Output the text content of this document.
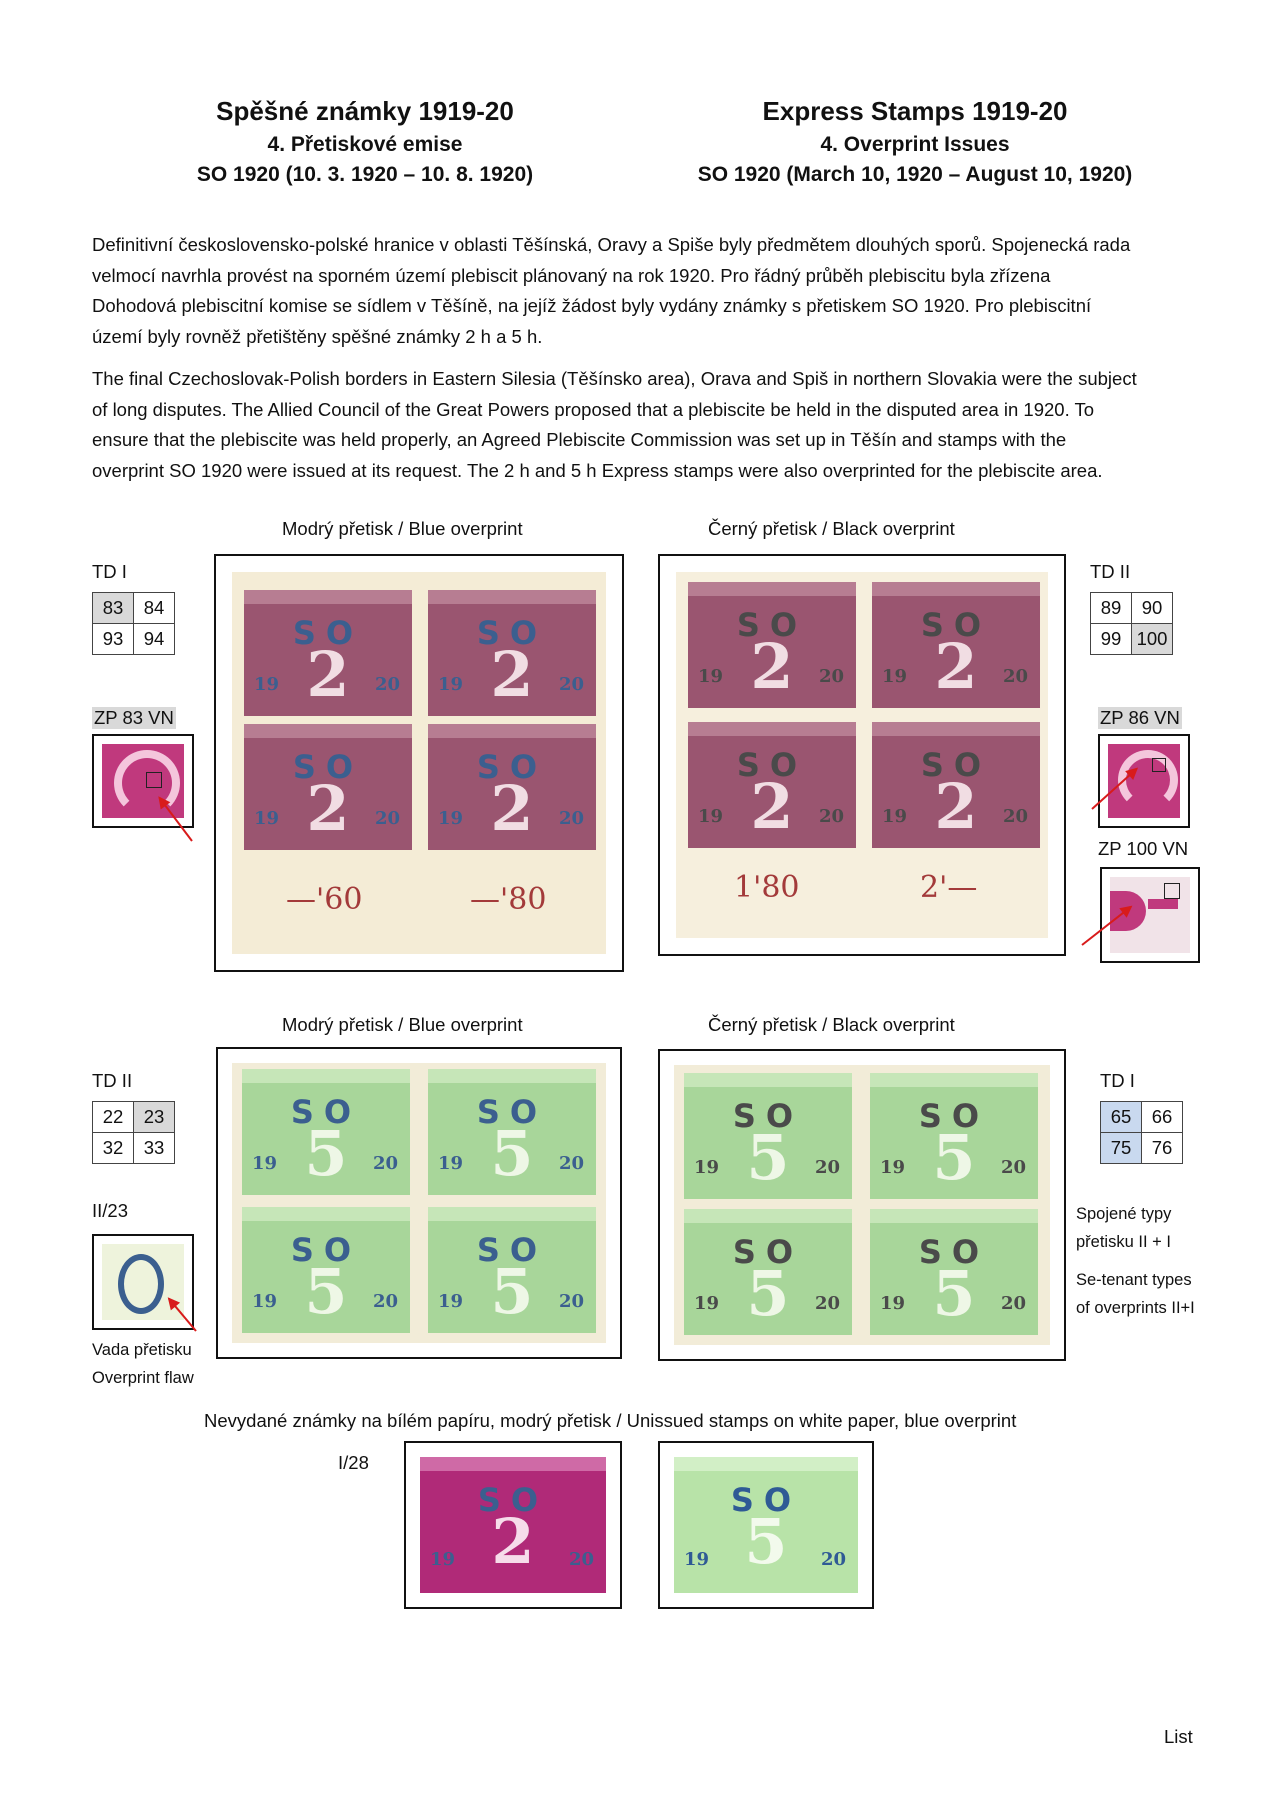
Spěšné známky 1919-20
4. Přetiskové emise
SO 1920 (10. 3. 1920 – 10. 8. 1920)
Express Stamps 1919-20
4. Overprint Issues
SO 1920 (March 10, 1920 – August 10, 1920)
Definitivní československo-polské hranice v oblasti Těšínská, Oravy a Spiše byly předmětem dlouhých sporů. Spojenecká rada
velmocí navrhla provést na sporném území plebiscit plánovaný na rok 1920. Pro řádný průběh plebiscitu byla zřízena
Dohodová plebiscitní komise se sídlem v Těšíně, na jejíž žádost byly vydány známky s přetiskem SO 1920. Pro plebiscitní
území byly rovněž přetištěny spěšné známky 2 h a 5 h.
The final Czechoslovak-Polish borders in Eastern Silesia (Těšínsko area), Orava and Spiš in northern Slovakia were the subject
of long disputes. The Allied Council of the Great Powers proposed that a plebiscite be held in the disputed area in 1920. To
ensure that the plebiscite was held properly, an Agreed Plebiscite Commission was set up in Těšín and stamps with the
overprint SO 1920 were issued at its request. The 2 h and 5 h Express stamps were also overprinted for the plebiscite area.
Modrý přetisk / Blue overprint	Černý přetisk / Black overprint
TD I
83	84
93	94
TD II
89	90
99	100
SO
2
19	20
SO
2
19	20
SO
2
19	20
SO
2
19	20
—'60	—'80
SO
2
19	20
SO
2
19	20
SO
2
19	20
SO
2
19	20
1'80	2'—
ZP 83 VN	ZP 86 VN
ZP 100 VN
Modrý přetisk / Blue overprint	Černý přetisk / Black overprint
TD II
22	23
32	33
TD I
65	66
75	76
SO
5
19	20
SO
5
19	20
SO
5
19	20
SO
5
19	20
SO
5
19	20
SO
5
19	20
SO
5
19	20
SO
5
19	20
II/23
Vada přetisku
Overprint flaw
Spojené typy
přetisku II + I
Se-tenant types
of overprints II+I
Nevydané známky na bílém papíru, modrý přetisk / Unissued stamps on white paper, blue overprint
I/28
SO
2
19	20
SO
5
19	20
List
